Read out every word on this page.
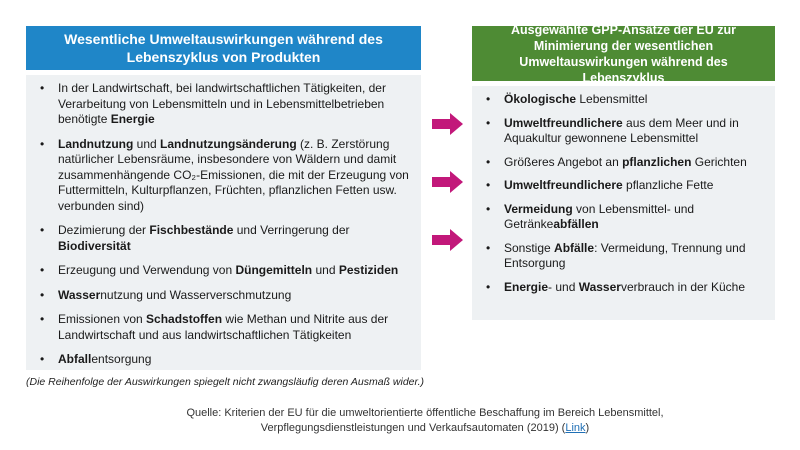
Wesentliche Umweltauswirkungen während des Lebenszyklus von Produkten
• In der Landwirtschaft, bei landwirtschaftlichen Tätigkeiten, der Verarbeitung von Lebensmitteln und in Lebensmittelbetrieben benötigte Energie
• Landnutzung und Landnutzungsänderung (z. B. Zerstörung natürlicher Lebensräume, insbesondere von Wäldern und damit zusammenhängende CO₂-Emissionen, die mit der Erzeugung von Futtermitteln, Kulturpflanzen, Früchten, pflanzlichen Fetten usw. verbunden sind)
• Dezimierung der Fischbestände und Verringerung der Biodiversität
• Erzeugung und Verwendung von Düngemitteln und Pestiziden
• Wassernutzung und Wasserverschmutzung
• Emissionen von Schadstoffen wie Methan und Nitrite aus der Landwirtschaft und aus landwirtschaftlichen Tätigkeiten
• Abfallentsorgung
Ausgewählte GPP-Ansätze der EU zur Minimierung der wesentlichen Umweltauswirkungen während des Lebenszyklus
• Ökologische Lebensmittel
• Umweltfreundlichere aus dem Meer und in Aquakultur gewonnene Lebensmittel
• Größeres Angebot an pflanzlichen Gerichten
• Umweltfreundlichere pflanzliche Fette
• Vermeidung von Lebensmittel- und Getränkeabfällen
• Sonstige Abfälle: Vermeidung, Trennung und Entsorgung
• Energie- und Wasserverbrauch in der Küche
(Die Reihenfolge der Auswirkungen spiegelt nicht zwangsläufig deren Ausmaß wider.)
Quelle: Kriterien der EU für die umweltorientierte öffentliche Beschaffung im Bereich Lebensmittel,
Verpflegungsdienstleistungen und Verkaufsautomaten (2019) (Link)
